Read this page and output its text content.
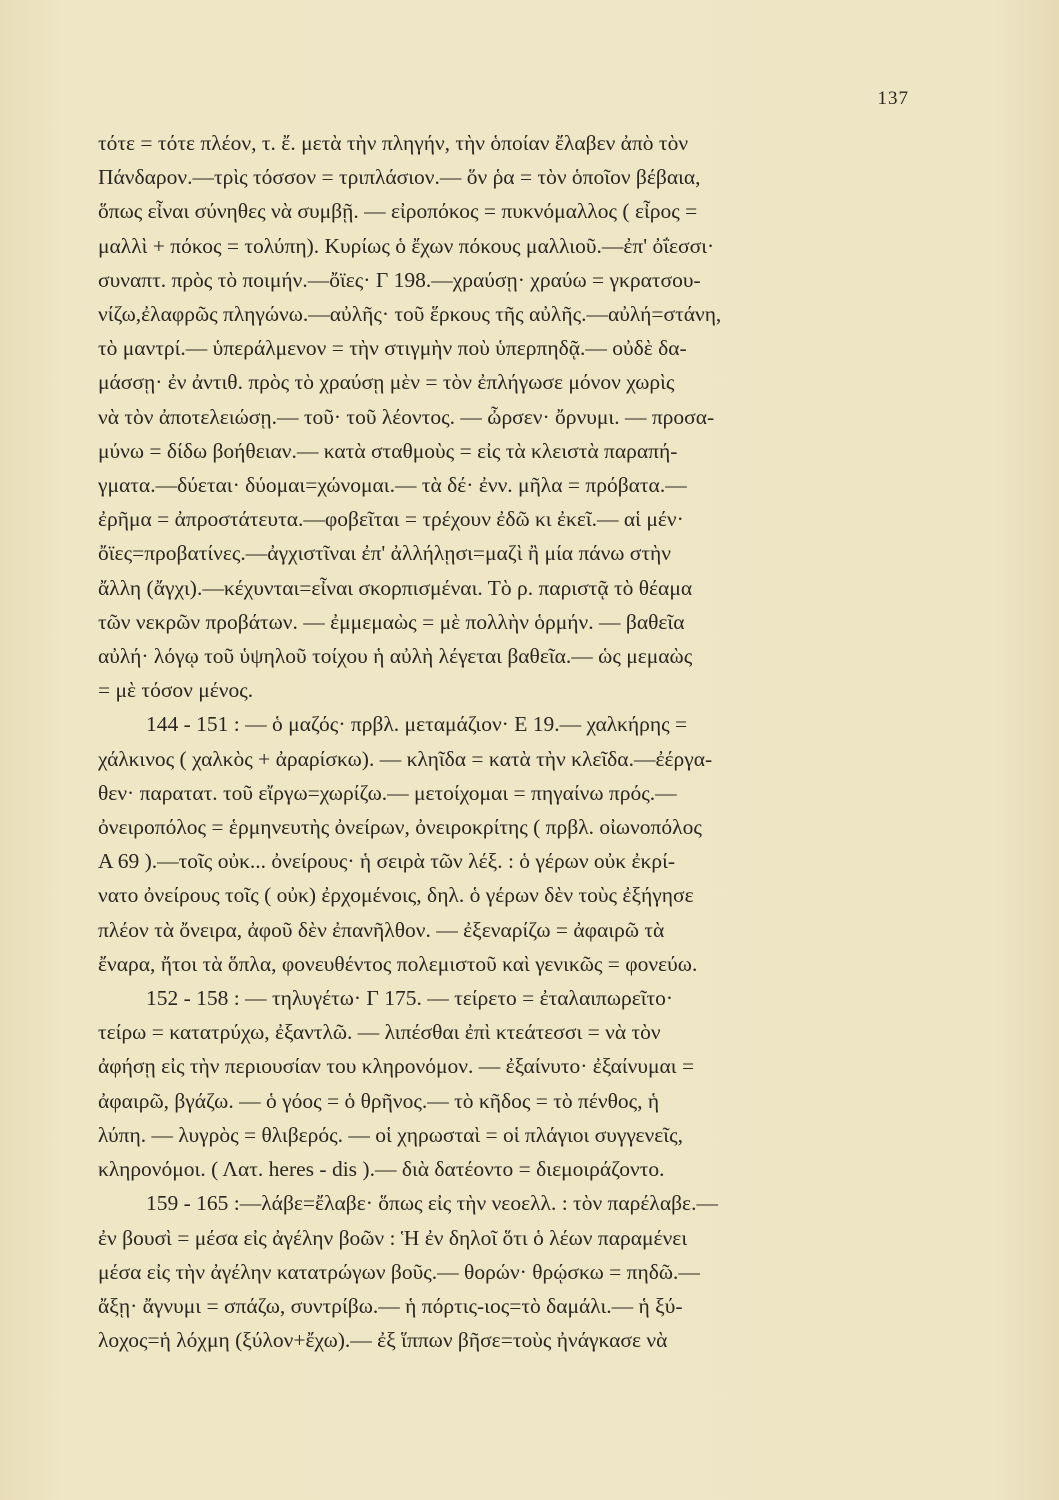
137
τότε = τότε πλέον, τ. ἔ. μετὰ τὴν πληγήν, τὴν ὁποίαν ἔλαβεν ἀπὸ τὸν
Πάνδαρον.—τρὶς τόσσον = τριπλάσιον.— ὅν ῥα = τὸν ὁποῖον βέβαια,
ὅπως εἶναι σύνηθες νὰ συμβῇ. — εἰροπόκος = πυκνόμαλλος ( εἶρος =
μαλλὶ + πόκος = τολύπη). Κυρίως ὁ ἔχων πόκους μαλλιοῦ.—ἐπ' ὀΐεσσι·
συναπτ. πρὸς τὸ ποιμήν.—ὄϊες· Γ 198.—χραύσῃ· χραύω = γκρατσου-
νίζω,ἐλαφρῶς πληγώνω.—αὐλῆς· τοῦ ἕρκους τῆς αὐλῆς.—αὐλή=στάνη,
τὸ μαντρί.— ὑπεράλμενον = τὴν στιγμὴν ποὺ ὑπερπηδᾷ.— οὐδὲ δα-
μάσσῃ· ἐν ἀντιθ. πρὸς τὸ χραύσῃ μὲν = τὸν ἐπλήγωσε μόνον χωρὶς
νὰ τὸν ἀποτελειώσῃ.— τοῦ· τοῦ λέοντος. — ὦρσεν· ὄρνυμι. — προσα-
μύνω = δίδω βοήθειαν.— κατὰ σταθμοὺς = εἰς τὰ κλειστὰ παραπή-
γματα.—δύεται· δύομαι=χώνομαι.— τὰ δέ· ἐνν. μῆλα = πρόβατα.—
ἐρῆμα = ἀπροστάτευτα.—φοβεῖται = τρέχουν ἐδῶ κι ἐκεῖ.— αἱ μέν·
ὄϊες=προβατίνες.—ἀγχιστῖναι ἐπ' ἀλλήλῃσι=μαζὶ ἢ μία πάνω στὴν
ἄλλη (ἄγχι).—κέχυνται=εἶναι σκορπισμέναι. Τὸ ρ. παριστᾷ τὸ θέαμα
τῶν νεκρῶν προβάτων. — ἐμμεμαὼς = μὲ πολλὴν ὁρμήν. — βαθεῖα
αὐλή· λόγῳ τοῦ ὑψηλοῦ τοίχου ἡ αὐλὴ λέγεται βαθεῖα.— ὡς μεμαὼς
= μὲ τόσον μένος.
144 - 151 : — ὁ μαζός· πρβλ. μεταμάζιον· Ε 19.— χαλκήρης =
χάλκινος ( χαλκὸς + ἀραρίσκω). — κληῖδα = κατὰ τὴν κλεῖδα.—ἐέργα-
θεν· παρατατ. τοῦ εἴργω=χωρίζω.— μετοίχομαι = πηγαίνω πρός.—
ὀνειροπόλος = ἑρμηνευτὴς ὀνείρων, ὀνειροκρίτης ( πρβλ. οἰωνοπόλος
Α 69 ).—τοῖς οὐκ... ὀνείρους· ἡ σειρὰ τῶν λέξ. : ὁ γέρων οὐκ ἐκρί-
νατο ὀνείρους τοῖς ( οὐκ) ἐρχομένοις, δηλ. ὁ γέρων δὲν τοὺς ἐξήγησε
πλέον τὰ ὄνειρα, ἀφοῦ δὲν ἐπανῆλθον. — ἐξεναρίζω = ἀφαιρῶ τὰ
ἔναρα, ἤτοι τὰ ὅπλα, φονευθέντος πολεμιστοῦ καὶ γενικῶς = φονεύω.
152 - 158 : — τηλυγέτω· Γ 175. — τείρετο = ἐταλαιπωρεῖτο·
τείρω = κατατρύχω, ἐξαντλῶ. — λιπέσθαι ἐπὶ κτεάτεσσι = νὰ τὸν
ἀφήσῃ εἰς τὴν περιουσίαν του κληρονόμον. — ἐξαίνυτο· ἐξαίνυμαι =
ἀφαιρῶ, βγάζω. — ὁ γόος = ὁ θρῆνος.— τὸ κῆδος = τὸ πένθος, ἡ
λύπη. — λυγρὸς = θλιβερός. — οἱ χηρωσταὶ = οἱ πλάγιοι συγγενεῖς,
κληρονόμοι. ( Λατ. heres - dis ).— διὰ δατέοντο = διεμοιράζοντο.
159 - 165 :—λάβε=ἔλαβε· ὅπως εἰς τὴν νεοελλ. : τὸν παρέλαβε.—
ἐν βουσὶ = μέσα εἰς ἀγέλην βοῶν : Ἡ ἐν δηλοῖ ὅτι ὁ λέων παραμένει
μέσα εἰς τὴν ἀγέλην κατατρώγων βοῦς.— θορών· θρῴσκω = πηδῶ.—
ἄξῃ· ἄγνυμι = σπάζω, συντρίβω.— ἡ πόρτις-ιος=τὸ δαμάλι.— ἡ ξύ-
λοχος=ἡ λόχμη (ξύλον+ἔχω).— ἐξ ἵππων βῆσε=τοὺς ἠνάγκασε νὰ
